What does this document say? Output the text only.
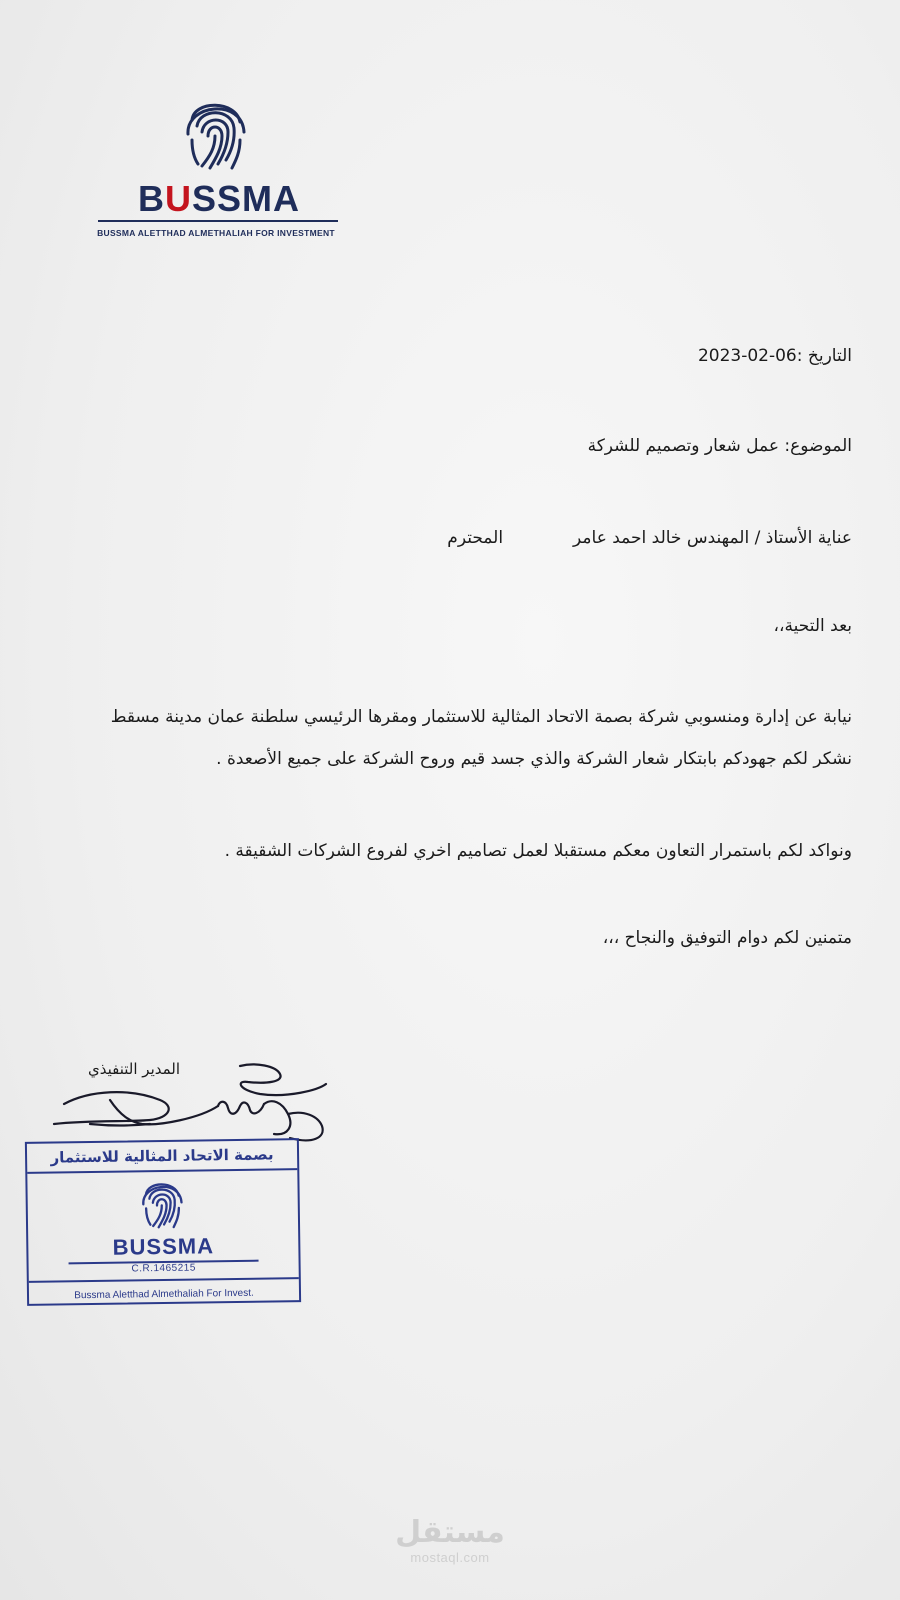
BUSSMA
BUSSMA ALETTHAD ALMETHALIAH FOR INVESTMENT
التاريخ :2023-02-06
الموضوع: عمل شعار وتصميم للشركة
عناية الأستاذ / المهندس خالد احمد عامرالمحترم
بعد التحية،،
نيابة عن إدارة ومنسوبي شركة بصمة الاتحاد المثالية للاستثمار ومقرها الرئيسي سلطنة عمان مدينة مسقط
نشكر لكم جهودكم بابتكار شعار الشركة والذي جسد قيم وروح الشركة على جميع الأصعدة .
ونواكد لكم باستمرار التعاون معكم مستقبلا لعمل تصاميم اخري لفروع الشركات الشقيقة .
متمنين لكم دوام التوفيق والنجاح ،،،
المدير التنفيذي
بصمة الاتحاد المثالية للاستثمار
BUSSMA
C.R.1465215
Bussma Aletthad Almethaliah For Invest.
مستقل
mostaql.com
